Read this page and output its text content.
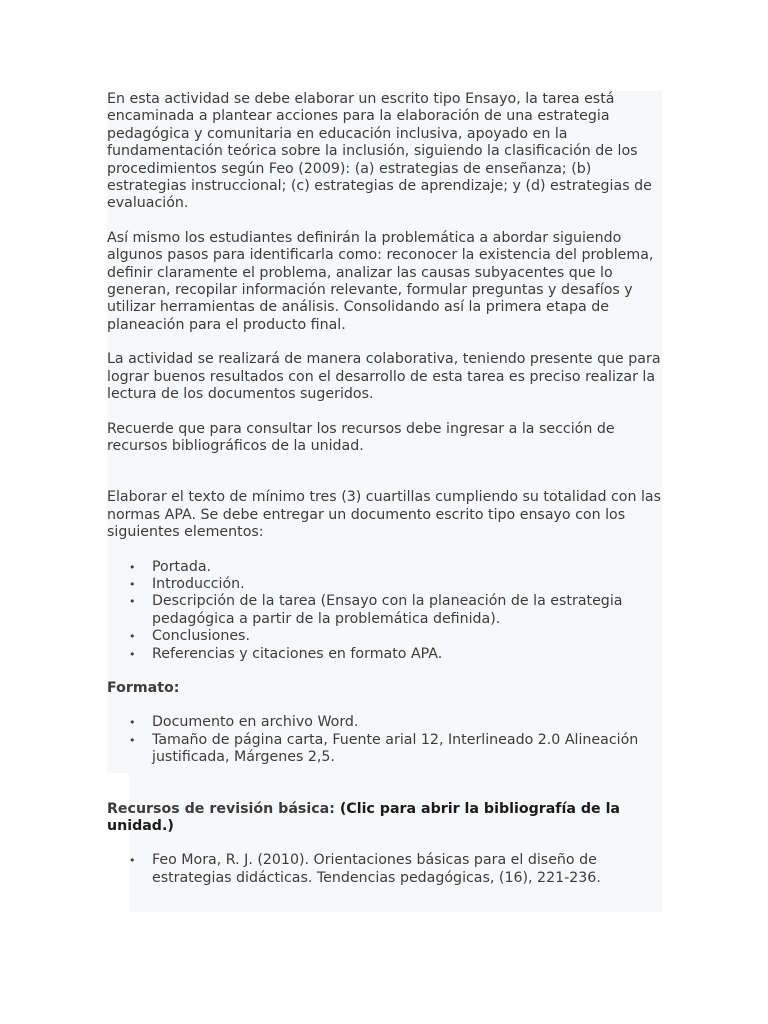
En esta actividad se debe elaborar un escrito tipo Ensayo, la tarea está encaminada a plantear acciones para la elaboración de una estrategia pedagógica y comunitaria en educación inclusiva, apoyado en la fundamentación teórica sobre la inclusión, siguiendo la clasificación de los procedimientos según Feo (2009): (a) estrategias de enseñanza; (b) estrategias instruccional; (c) estrategias de aprendizaje; y (d) estrategias de evaluación.

Así mismo los estudiantes definirán la problemática a abordar siguiendo algunos pasos para identificarla como: reconocer la existencia del problema, definir claramente el problema, analizar las causas subyacentes que lo generan, recopilar información relevante, formular preguntas y desafíos y utilizar herramientas de análisis. Consolidando así la primera etapa de planeación para el producto final.

La actividad se realizará de manera colaborativa, teniendo presente que para lograr buenos resultados con el desarrollo de esta tarea es preciso realizar la lectura de los documentos sugeridos.

Recuerde que para consultar los recursos debe ingresar a la sección de recursos bibliográficos de la unidad.

Elaborar el texto de mínimo tres (3) cuartillas cumpliendo su totalidad con las normas APA. Se debe entregar un documento escrito tipo ensayo con los siguientes elementos:

• Portada.
• Introducción.
• Descripción de la tarea (Ensayo con la planeación de la estrategia pedagógica a partir de la problemática definida).
• Conclusiones.
• Referencias y citaciones en formato APA.

Formato:

• Documento en archivo Word.
• Tamaño de página carta, Fuente arial 12, Interlineado 2.0 Alineación justificada, Márgenes 2,5.

Recursos de revisión básica: (Clic para abrir la bibliografía de la unidad.)

• Feo Mora, R. J. (2010). Orientaciones básicas para el diseño de estrategias didácticas. Tendencias pedagógicas, (16), 221-236.
